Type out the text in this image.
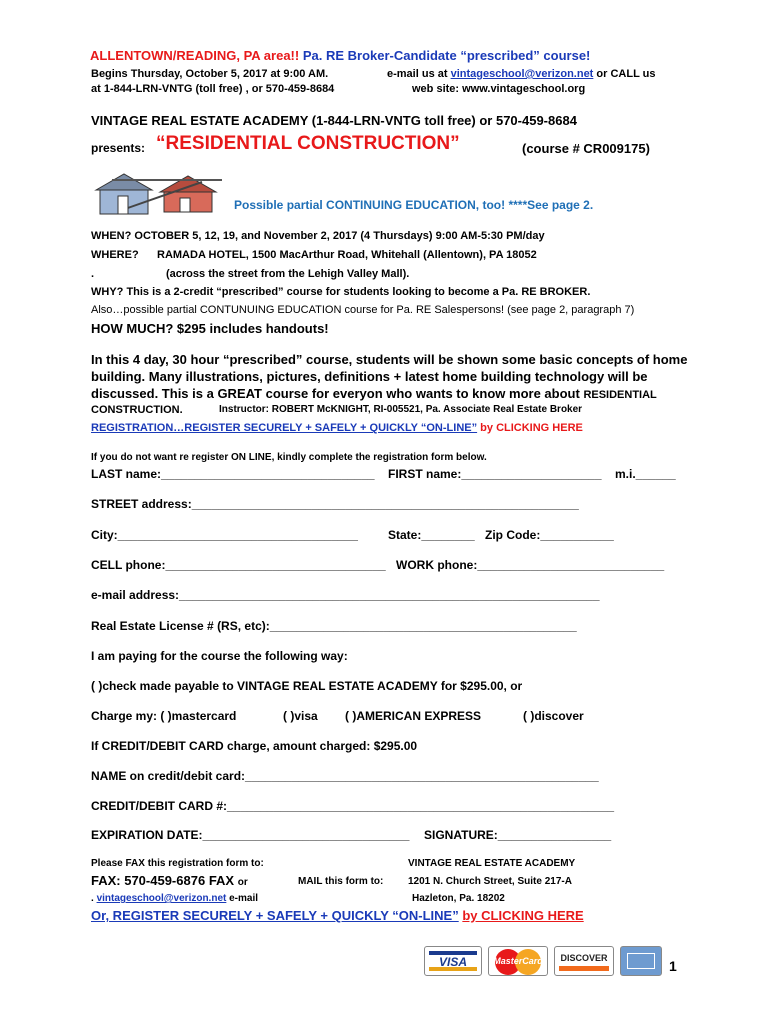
ALLENTOWN/READING, PA area!! Pa. RE Broker-Candidate “prescribed” course!
Begins Thursday, October 5, 2017 at 9:00 AM.	e-mail us at vintageschool@verizon.net or CALL us
at 1-844-LRN-VNTG (toll free) , or 570-459-8684	web site: www.vintageschool.org
VINTAGE REAL ESTATE ACADEMY (1-844-LRN-VNTG toll free) or 570-459-8684
presents: “RESIDENTIAL CONSTRUCTION”	(course # CR009175)
Possible partial CONTINUING EDUCATION, too! ****See page 2.
WHEN? OCTOBER 5, 12, 19, and November 2, 2017 (4 Thursdays) 9:00 AM-5:30 PM/day
WHERE? RAMADA HOTEL, 1500 MacArthur Road, Whitehall (Allentown), PA 18052
.	(across the street from the Lehigh Valley Mall).
WHY? This is a 2-credit “prescribed” course for students looking to become a Pa. RE BROKER.
Also…possible partial CONTUNUING EDUCATION course for Pa. RE Salespersons! (see page 2, paragraph 7)
HOW MUCH? $295 includes handouts!
In this 4 day, 30 hour “prescribed” course, students will be shown some basic concepts of home
building. Many illustrations, pictures, definitions + latest home building technology will be
discussed. This is a GREAT course for everyon who wants to know more about RESIDENTIAL
CONSTRUCTION.	Instructor: ROBERT McKNIGHT, RI-005521, Pa. Associate Real Estate Broker
REGISTRATION…REGISTER SECURELY + SAFELY + QUICKLY “ON-LINE” by CLICKING HERE
If you do not want re register ON LINE, kindly complete the registration form below.
LAST name:________________________________ FIRST name:_____________________ m.i.______
STREET address:__________________________________________________________
City:____________________________________	State:________ Zip Code:___________
CELL phone:_________________________________ WORK phone:____________________________
e-mail address:_______________________________________________________________
Real Estate License # (RS, etc):______________________________________________
I am paying for the course the following way:
( )check made payable to VINTAGE REAL ESTATE ACADEMY for $295.00, or
Charge my: ( )mastercard	( )visa ( )AMERICAN EXPRESS	( )discover
If CREDIT/DEBIT CARD charge, amount charged: $295.00
NAME on credit/debit card:_____________________________________________________
CREDIT/DEBIT CARD #:__________________________________________________________
EXPIRATION DATE:_______________________________ SIGNATURE:_________________
Please FAX this registration form to:	VINTAGE REAL ESTATE ACADEMY
FAX: 570-459-6876 FAX or	MAIL this form to: 1201 N. Church Street, Suite 217-A
. vintageschool@verizon.net e-mail	Hazleton, Pa. 18202
Or, REGISTER SECURELY + SAFELY + QUICKLY “ON-LINE” by CLICKING HERE
VISA	MasterCard	DISCOVER	1
